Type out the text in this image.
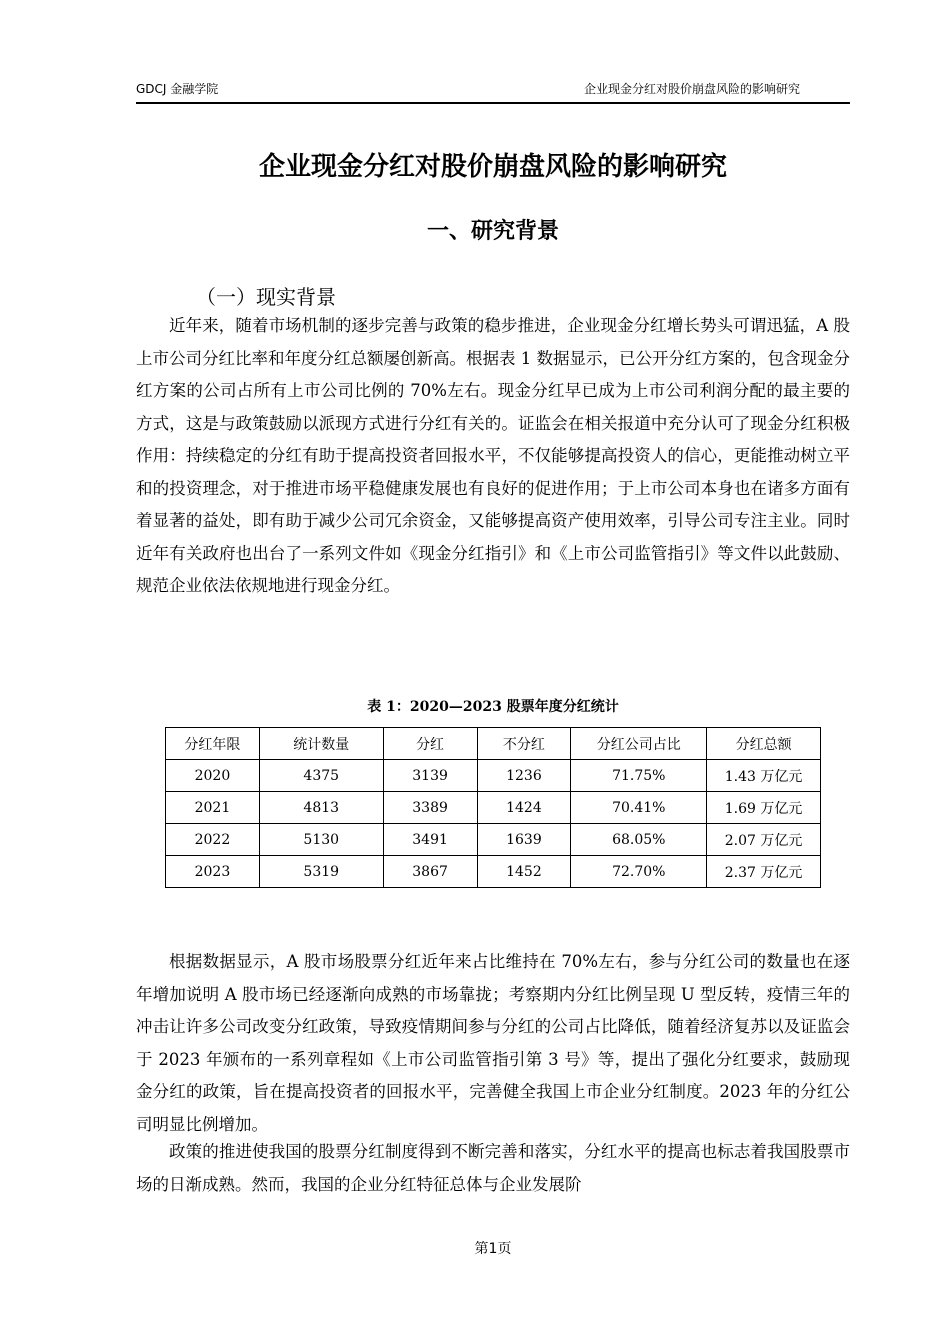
GDCJ 金融学院	企业现金分红对股价崩盘风险的影响研究
企业现金分红对股价崩盘风险的影响研究
一、研究背景
（一）现实背景

近年来，随着市场机制的逐步完善与政策的稳步推进，企业现金分红增长势头可谓迅猛，A 股上市公司分红比率和年度分红总额屡创新高。根据表 1 数据显示，已公开分红方案的，包含现金分红方案的公司占所有上市公司比例的 70%左右。现金分红早已成为上市公司利润分配的最主要的方式，这是与政策鼓励以派现方式进行分红有关的。证监会在相关报道中充分认可了现金分红积极作用：持续稳定的分红有助于提高投资者回报水平，不仅能够提高投资人的信心，更能推动树立平和的投资理念，对于推进市场平稳健康发展也有良好的促进作用；于上市公司本身也在诸多方面有着显著的益处，即有助于减少公司冗余资金，又能够提高资产使用效率，引导公司专注主业。同时近年有关政府也出台了一系列文件如《现金分红指引》和《上市公司监管指引》等文件以此鼓励、规范企业依法依规地进行现金分红。

表 1：2020—2023 股票年度分红统计
分红年限	统计数量	分红	不分红	分红公司占比	分红总额
2020	4375	3139	1236	71.75%	1.43 万亿元
2021	4813	3389	1424	70.41%	1.69 万亿元
2022	5130	3491	1639	68.05%	2.07 万亿元
2023	5319	3867	1452	72.70%	2.37 万亿元

根据数据显示，A 股市场股票分红近年来占比维持在 70%左右，参与分红公司的数量也在逐年增加说明 A 股市场已经逐渐向成熟的市场靠拢；考察期内分红比例呈现 U 型反转，疫情三年的冲击让许多公司改变分红政策，导致疫情期间参与分红的公司占比降低，随着经济复苏以及证监会于 2023 年颁布的一系列章程如《上市公司监管指引第 3 号》等，提出了强化分红要求，鼓励现金分红的政策，旨在提高投资者的回报水平，完善健全我国上市企业分红制度。2023 年的分红公司明显比例增加。

政策的推进使我国的股票分红制度得到不断完善和落实，分红水平的提高也标志着我国股票市场的日渐成熟。然而，我国的企业分红特征总体与企业发展阶

第1页
